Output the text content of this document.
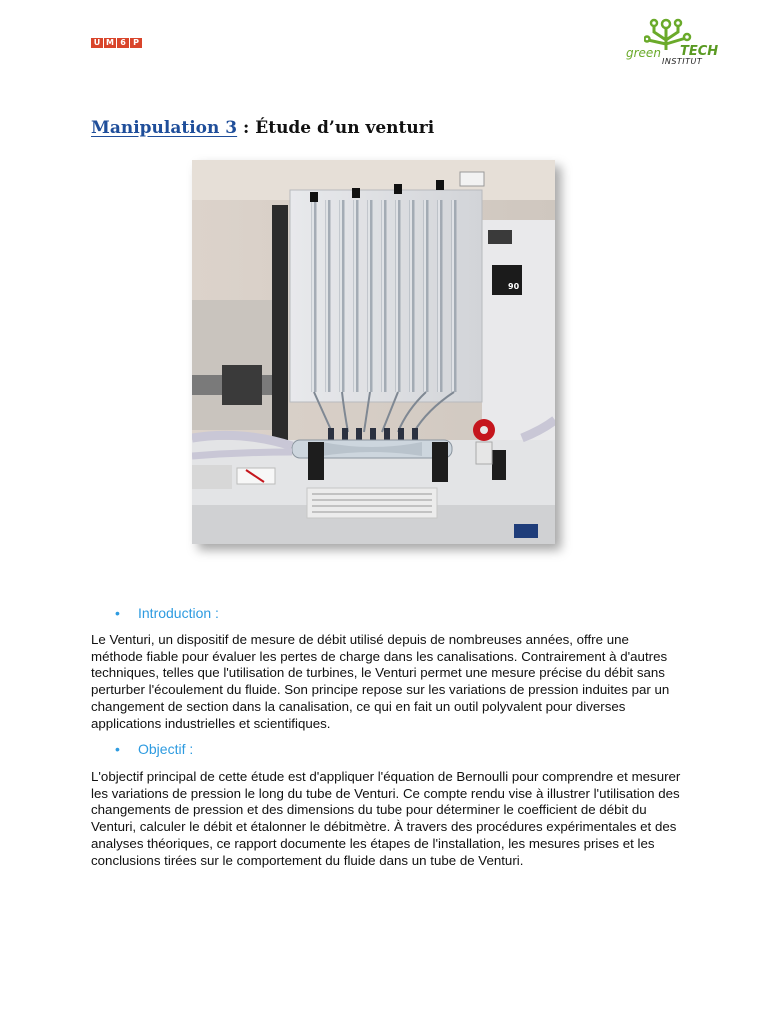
U M 6 P
green TECH
INSTITUT
Manipulation 3 : Étude d’un venturi
90
•	Introduction :
Le Venturi, un dispositif de mesure de débit utilisé depuis de nombreuses années, offre une méthode fiable pour évaluer les pertes de charge dans les canalisations. Contrairement à d'autres techniques, telles que l'utilisation de turbines, le Venturi permet une mesure précise du débit sans perturber l'écoulement du fluide. Son principe repose sur les variations de pression induites par un changement de section dans la canalisation, ce qui en fait un outil polyvalent pour diverses applications industrielles et scientifiques.
•	Objectif :
L'objectif principal de cette étude est d'appliquer l'équation de Bernoulli pour comprendre et mesurer les variations de pression le long du tube de Venturi. Ce compte rendu vise à illustrer l'utilisation des changements de pression et des dimensions du tube pour déterminer le coefficient de débit du Venturi, calculer le débit et étalonner le débitmètre. À travers des procédures expérimentales et des analyses théoriques, ce rapport documente les étapes de l'installation, les mesures prises et les conclusions tirées sur le comportement du fluide dans un tube de Venturi.
